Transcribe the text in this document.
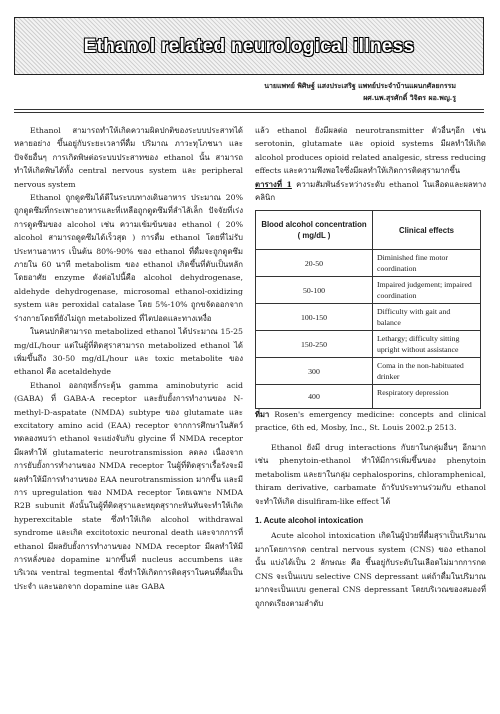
Ethanol related neurological illness
นายแพทย์ พิศิษฐ์ แสงประเสริฐ แพทย์ประจำบ้านแผนกศัลยกรรม
ผศ.นพ.สุรศักดิ์ วิจิตร ผอ.พญ.รู

Ethanol สามารถทำให้เกิดความผิดปกติของระบบประสาทได้หลายอย่าง ขึ้นอยู่กับระยะเวลาที่ดื่ม ปริมาณ ภาวะทุโภชนา และปัจจัยอื่นๆ การเกิดพิษต่อระบบประสาทของ ethanol นั้น สามารถทำให้เกิดพิษได้ทั้ง central nervous system และ peripheral nervous system

Ethanol ถูกดูดซึมได้ดีในระบบทางเดินอาหาร ประมาณ 20% ถูกดูดซึมที่กระเพาะอาหารและที่เหลือถูกดูดซึมที่ลำไส้เล็ก ปัจจัยที่เร่งการดูดซึมของ alcohol เช่น ความเข้มข้นของ ethanol ( 20% alcohol สามารถดูดซึมได้เร็วสุด ) การดื่ม ethanol โดยที่ไม่รับประทานอาหาร เป็นต้น 80%-90% ของ ethanol ที่ดื่มจะถูกดูดซึมภายใน 60 นาที metabolism ของ ethanol เกิดขึ้นที่ตับเป็นหลักโดยอาศัย enzyme ดังต่อไปนี้คือ alcohol dehydrogenase, aldehyde dehydrogenase, microsomal ethanol-oxidizing system และ peroxidal catalase โดย 5%-10% ถูกขจัดออกจากร่างกายโดยที่ยังไม่ถูก metabolized ที่ไตปอดและทางเหงื่อ

ในคนปกติสามารถ metabolized ethanol ได้ประมาณ 15-25 mg/dL/hour แต่ในผู้ที่ติดสุราสามารถ metabolized ethanol ได้เพิ่มขึ้นถึง 30-50 mg/dL/hour และ toxic metabolite ของ ethanol คือ acetaldehyde

Ethanol ออกฤทธิ์กระตุ้น gamma aminobutyric acid (GABA) ที่ GABA-A receptor และยับยั้งการทำงานของ N-methyl-D-aspatate (NMDA) subtype ของ glutamate และ excitatory amino acid (EAA) receptor จากการศึกษาในสัตว์ทดลองพบว่า ethanol จะแย่งจับกับ glycine ที่ NMDA receptor มีผลทำให้ glutamateric neurotransmission ลดลง เนื่องจากการยับยั้งการทำงานของ NMDA receptor ในผู้ที่ติดสุราเรื้อรังจะมีผลทำให้มีการทำงานของ EAA neurotransmission มากขึ้น และมีการ upregulation ของ NMDA receptor โดยเฉพาะ NMDA R2B subunit ดังนั้นในผู้ที่ติดสุราและหยุดสุรากะทันหันจะทำให้เกิด hyperexcitable state ซึ่งทำให้เกิด alcohol withdrawal syndrome และเกิด excitotoxic neuronal death และจากการที่ ethanol มีผลยับยั้งการทำงานของ NMDA receptor มีผลทำให้มีการหลั่งของ dopamine มากขึ้นที่ nucleus accumbens และบริเวณ ventral tegmental ซึ่งทำให้เกิดการติดสุราในคนที่ดื่มเป็นประจำ และนอกจาก dopamine และ GABA

แล้ว ethanol ยังมีผลต่อ neurotransmitter ตัวอื่นๆอีก เช่น serotonin, glutamate และ opioid systems มีผลทำให้เกิด alcohol produces opioid related analgesic, stress reducing effects และความพึงพอใจซึ่งมีผลทำให้เกิดการติดสุรามากขึ้น

ตารางที่ 1 ความสัมพันธ์ระหว่างระดับ ethanol ในเลือดและผลทางคลินิก

Blood alcohol concentration ( mg/dL )	Clinical effects
20-50	Diminished fine motor coordination
50-100	Impaired judgement; impaired coordination
100-150	Difficulty with gait and balance
150-250	Lethargy; difficulty sitting upright without assistance
300	Coma in the non-habituated drinker
400	Respiratory depression

ที่มา Rosen's emergency medicine: concepts and clinical practice, 6th ed, Mosby, Inc., St. Louis 2002.p 2513.

Ethanol ยังมี drug interactions กับยาในกลุ่มอื่นๆ อีกมาก เช่น phenytoin-ethanol ทำให้มีการเพิ่มขึ้นของ phenytoin metabolism และยาในกลุ่ม cephalosporins, chloramphenical, thiram derivative, carbamate ถ้ารับประทานร่วมกับ ethanol จะทำให้เกิด disulfiram-like effect ได้

1. Acute alcohol intoxication

Acute alcohol intoxication เกิดในผู้ป่วยที่ดื่มสุราเป็นปริมาณมากโดยการกด central nervous system (CNS) ของ ethanol นั้น แบ่งได้เป็น 2 ลักษณะ คือ ขึ้นอยู่กับระดับในเลือดไม่มากการกด CNS จะเป็นแบบ selective CNS depressant แต่ถ้าดื่มในปริมาณมากจะเป็นแบบ general CNS depressant โดยบริเวณของสมองที่ถูกกดเรียงตามลำดับ
